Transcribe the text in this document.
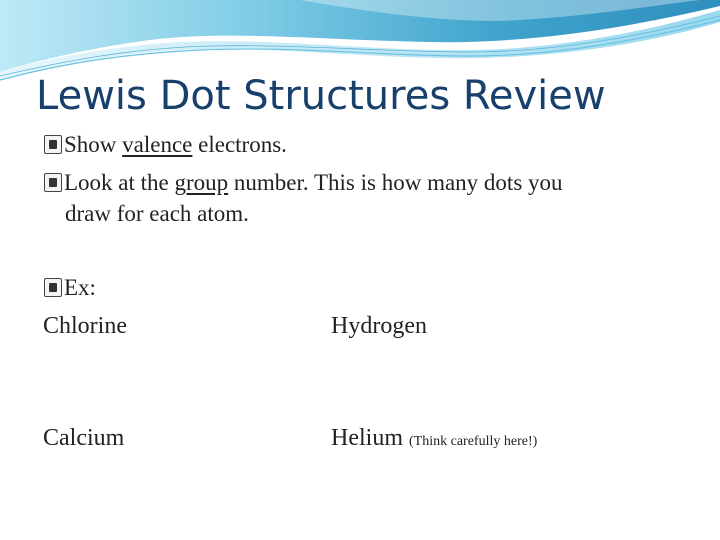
Lewis Dot Structures Review
Show valence electrons.
Look at the group number. This is how many dots you
draw for each atom.
Ex:
Chlorine	Hydrogen
Calcium	Helium (Think carefully here!)
